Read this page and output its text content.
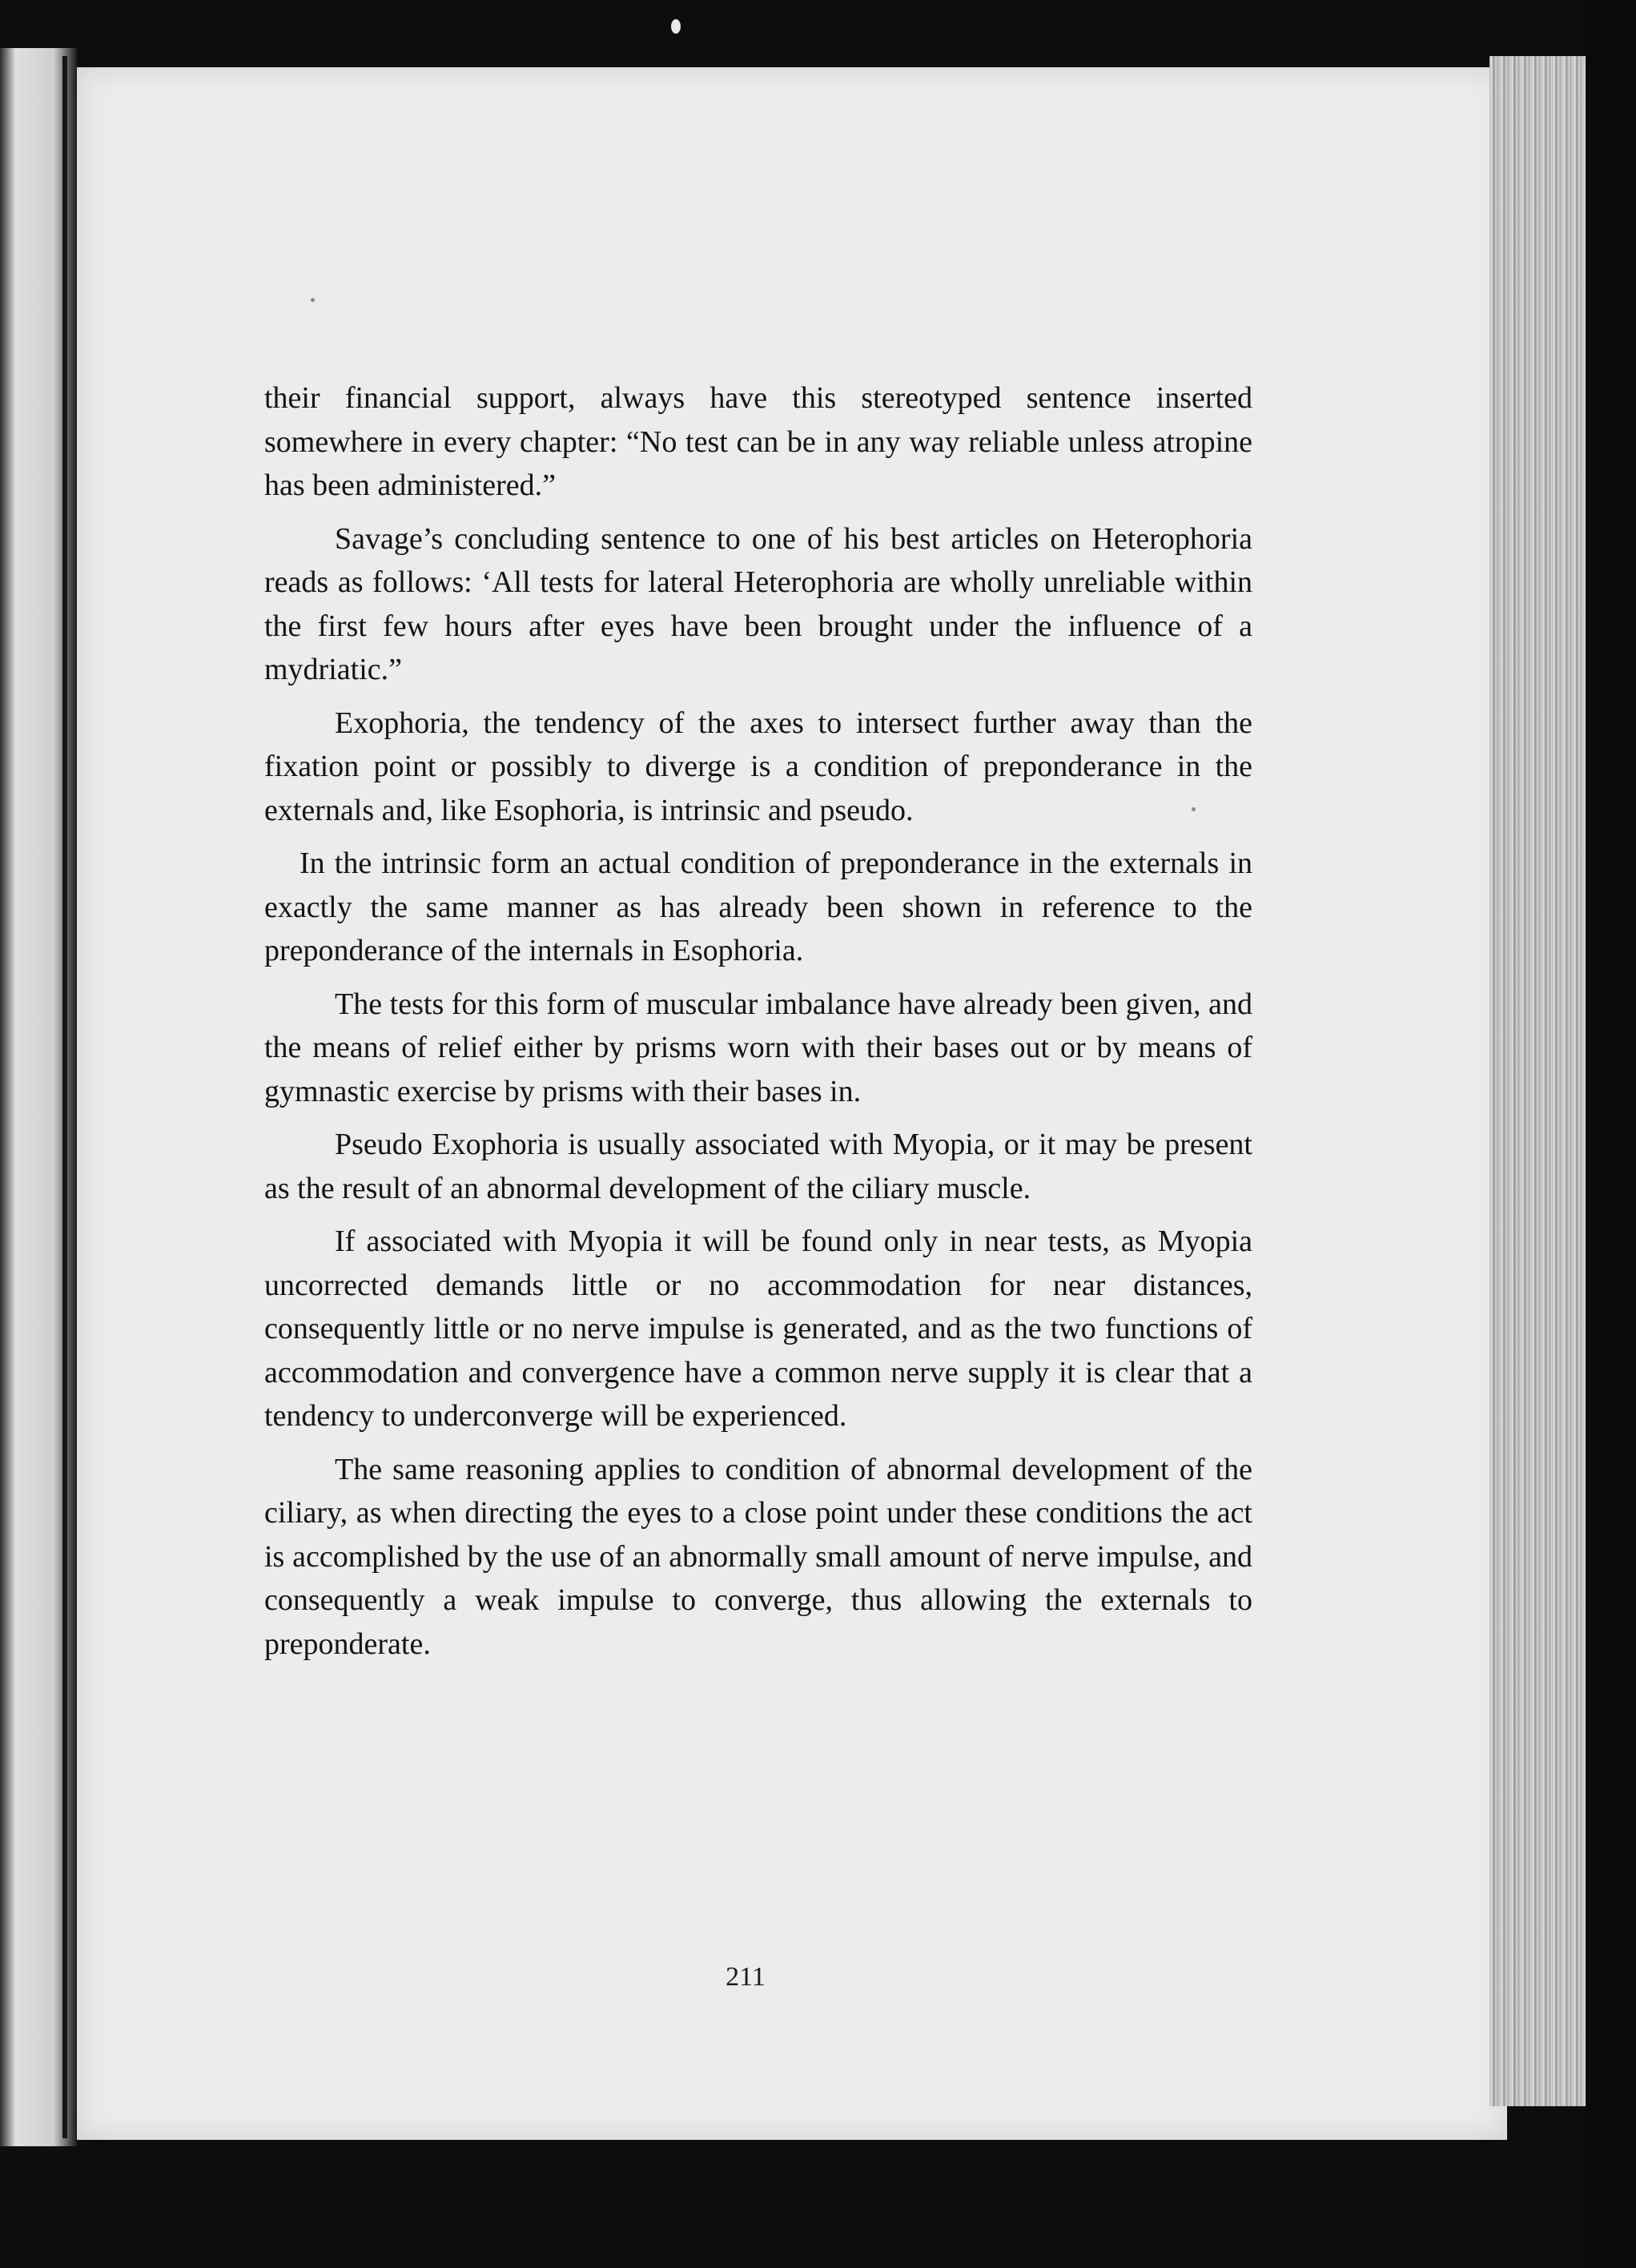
their financial support, always have this stereotyped sentence inserted somewhere in every chapter: “No test can be in any way reliable unless atropine has been administered.”

Savage’s concluding sentence to one of his best articles on Heterophoria reads as follows: ‘All tests for lateral Heterophoria are wholly unreliable within the first few hours after eyes have been brought under the influence of a mydriatic.”

Exophoria, the tendency of the axes to intersect further away than the fixation point or possibly to diverge is a condition of preponderance in the externals and, like Esophoria, is intrinsic and pseudo.

In the intrinsic form an actual condition of preponderance in the externals in exactly the same manner as has already been shown in reference to the preponderance of the internals in Esophoria.

The tests for this form of muscular imbalance have already been given, and the means of relief either by prisms worn with their bases out or by means of gymnastic exercise by prisms with their bases in.

Pseudo Exophoria is usually associated with Myopia, or it may be present as the result of an abnormal development of the ciliary muscle.

If associated with Myopia it will be found only in near tests, as Myopia uncorrected demands little or no accommodation for near distances, consequently little or no nerve impulse is generated, and as the two functions of accommodation and convergence have a common nerve supply it is clear that a tendency to underconverge will be experienced.

The same reasoning applies to condition of abnormal development of the ciliary, as when directing the eyes to a close point under these conditions the act is accomplished by the use of an abnormally small amount of nerve impulse, and consequently a weak impulse to converge, thus allowing the externals to preponderate.

211
